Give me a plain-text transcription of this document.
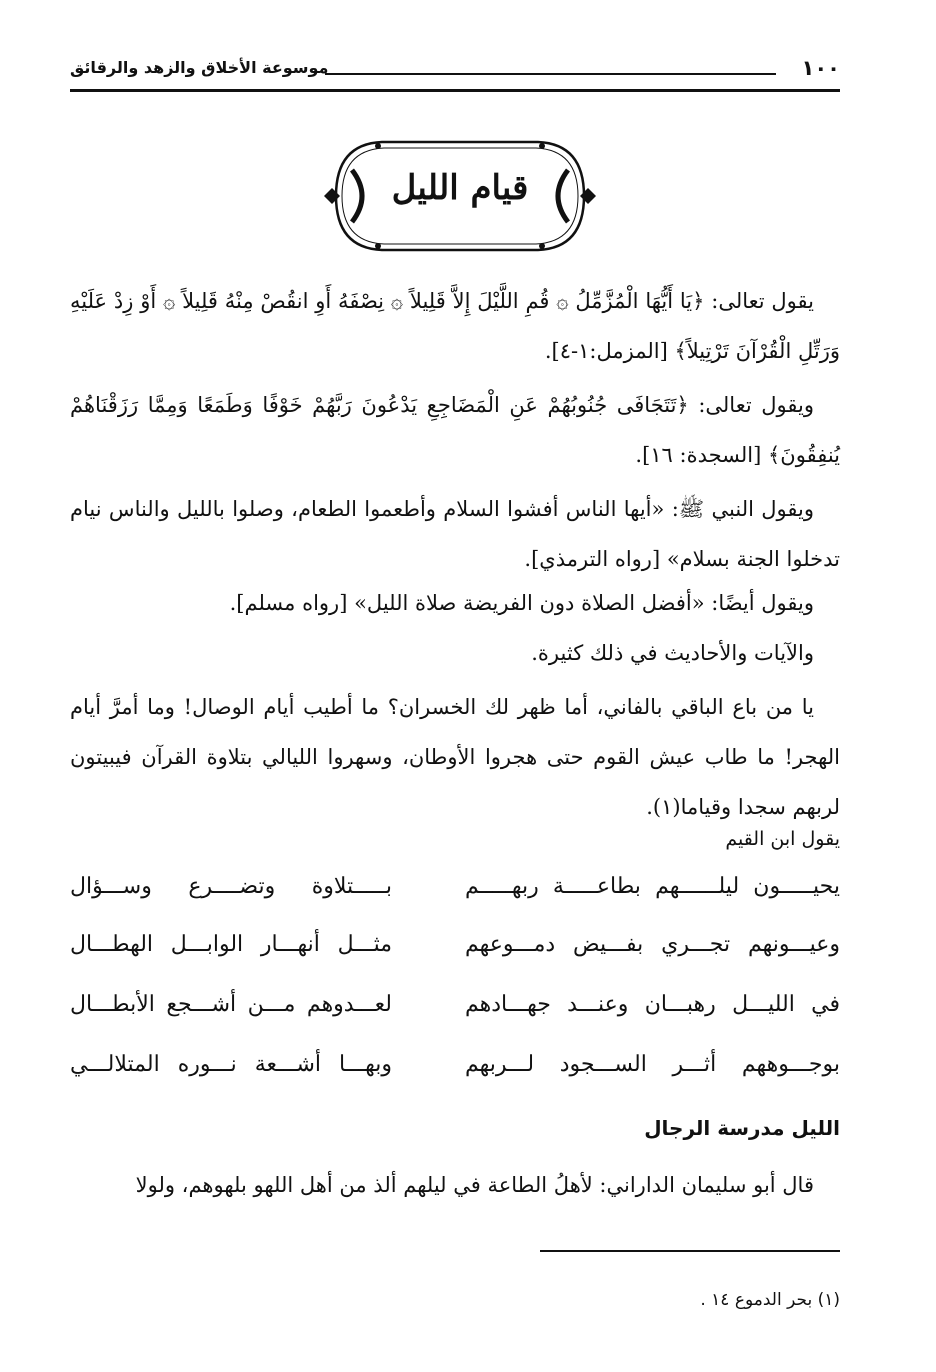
١٠٠
موسوعة الأخلاق والزهد والرقائق
قيام الليل
يقول تعالى: ﴿يَا أَيُّهَا الْمُزَّمِّلُ ۞ قُمِ اللَّيْلَ إِلاَّ قَلِيلاً ۞ نِصْفَهُ أَوِ انقُصْ مِنْهُ قَلِيلاً ۞ أَوْ زِدْ عَلَيْهِ وَرَتِّلِ الْقُرْآنَ تَرْتِيلاً﴾ [المزمل:١-٤].
ويقول تعالى: ﴿تَتَجَافَى جُنُوبُهُمْ عَنِ الْمَضَاجِعِ يَدْعُونَ رَبَّهُمْ خَوْفًا وَطَمَعًا وَمِمَّا رَزَقْنَاهُمْ يُنفِقُونَ﴾ [السجدة: ١٦].
ويقول النبي ﷺ: «أيها الناس أفشوا السلام وأطعموا الطعام، وصلوا بالليل والناس نيام تدخلوا الجنة بسلام» [رواه الترمذي].
ويقول أيضًا: «أفضل الصلاة دون الفريضة صلاة الليل» [رواه مسلم].
والآيات والأحاديث في ذلك كثيرة.
يا من باع الباقي بالفاني، أما ظهر لك الخسران؟ ما أطيب أيام الوصال! وما أمرَّ أيام الهجر! ما طاب عيش القوم حتى هجروا الأوطان، وسهروا الليالي بتلاوة القرآن فيبيتون لربهم سجدا وقياما(١).
يقول ابن القيم
يحيـــــون ليلــــــهم بطاعـــــة ربهـــــم
بـــــتلاوة وتضــــرع وســـؤال
وعيـــونهم تجـــري بفـــيض دمـــوعهم
مثـــل أنهـــار الوابـــل الهطـــال
في الليـــل رهبـــان وعنـــد جهـــادهم
لعـــدوهم مـــن أشـــجع الأبطـــال
بوجـــوههم أثـــر الســـجود لـــربهم
وبهـــا أشـــعة نـــوره المتلالـــي
الليل مدرسة الرجال
قال أبو سليمان الداراني: لأهلُ الطاعة في ليلهم ألذ من أهل اللهو بلهوهم، ولولا
(١) بحر الدموع ١٤ .
